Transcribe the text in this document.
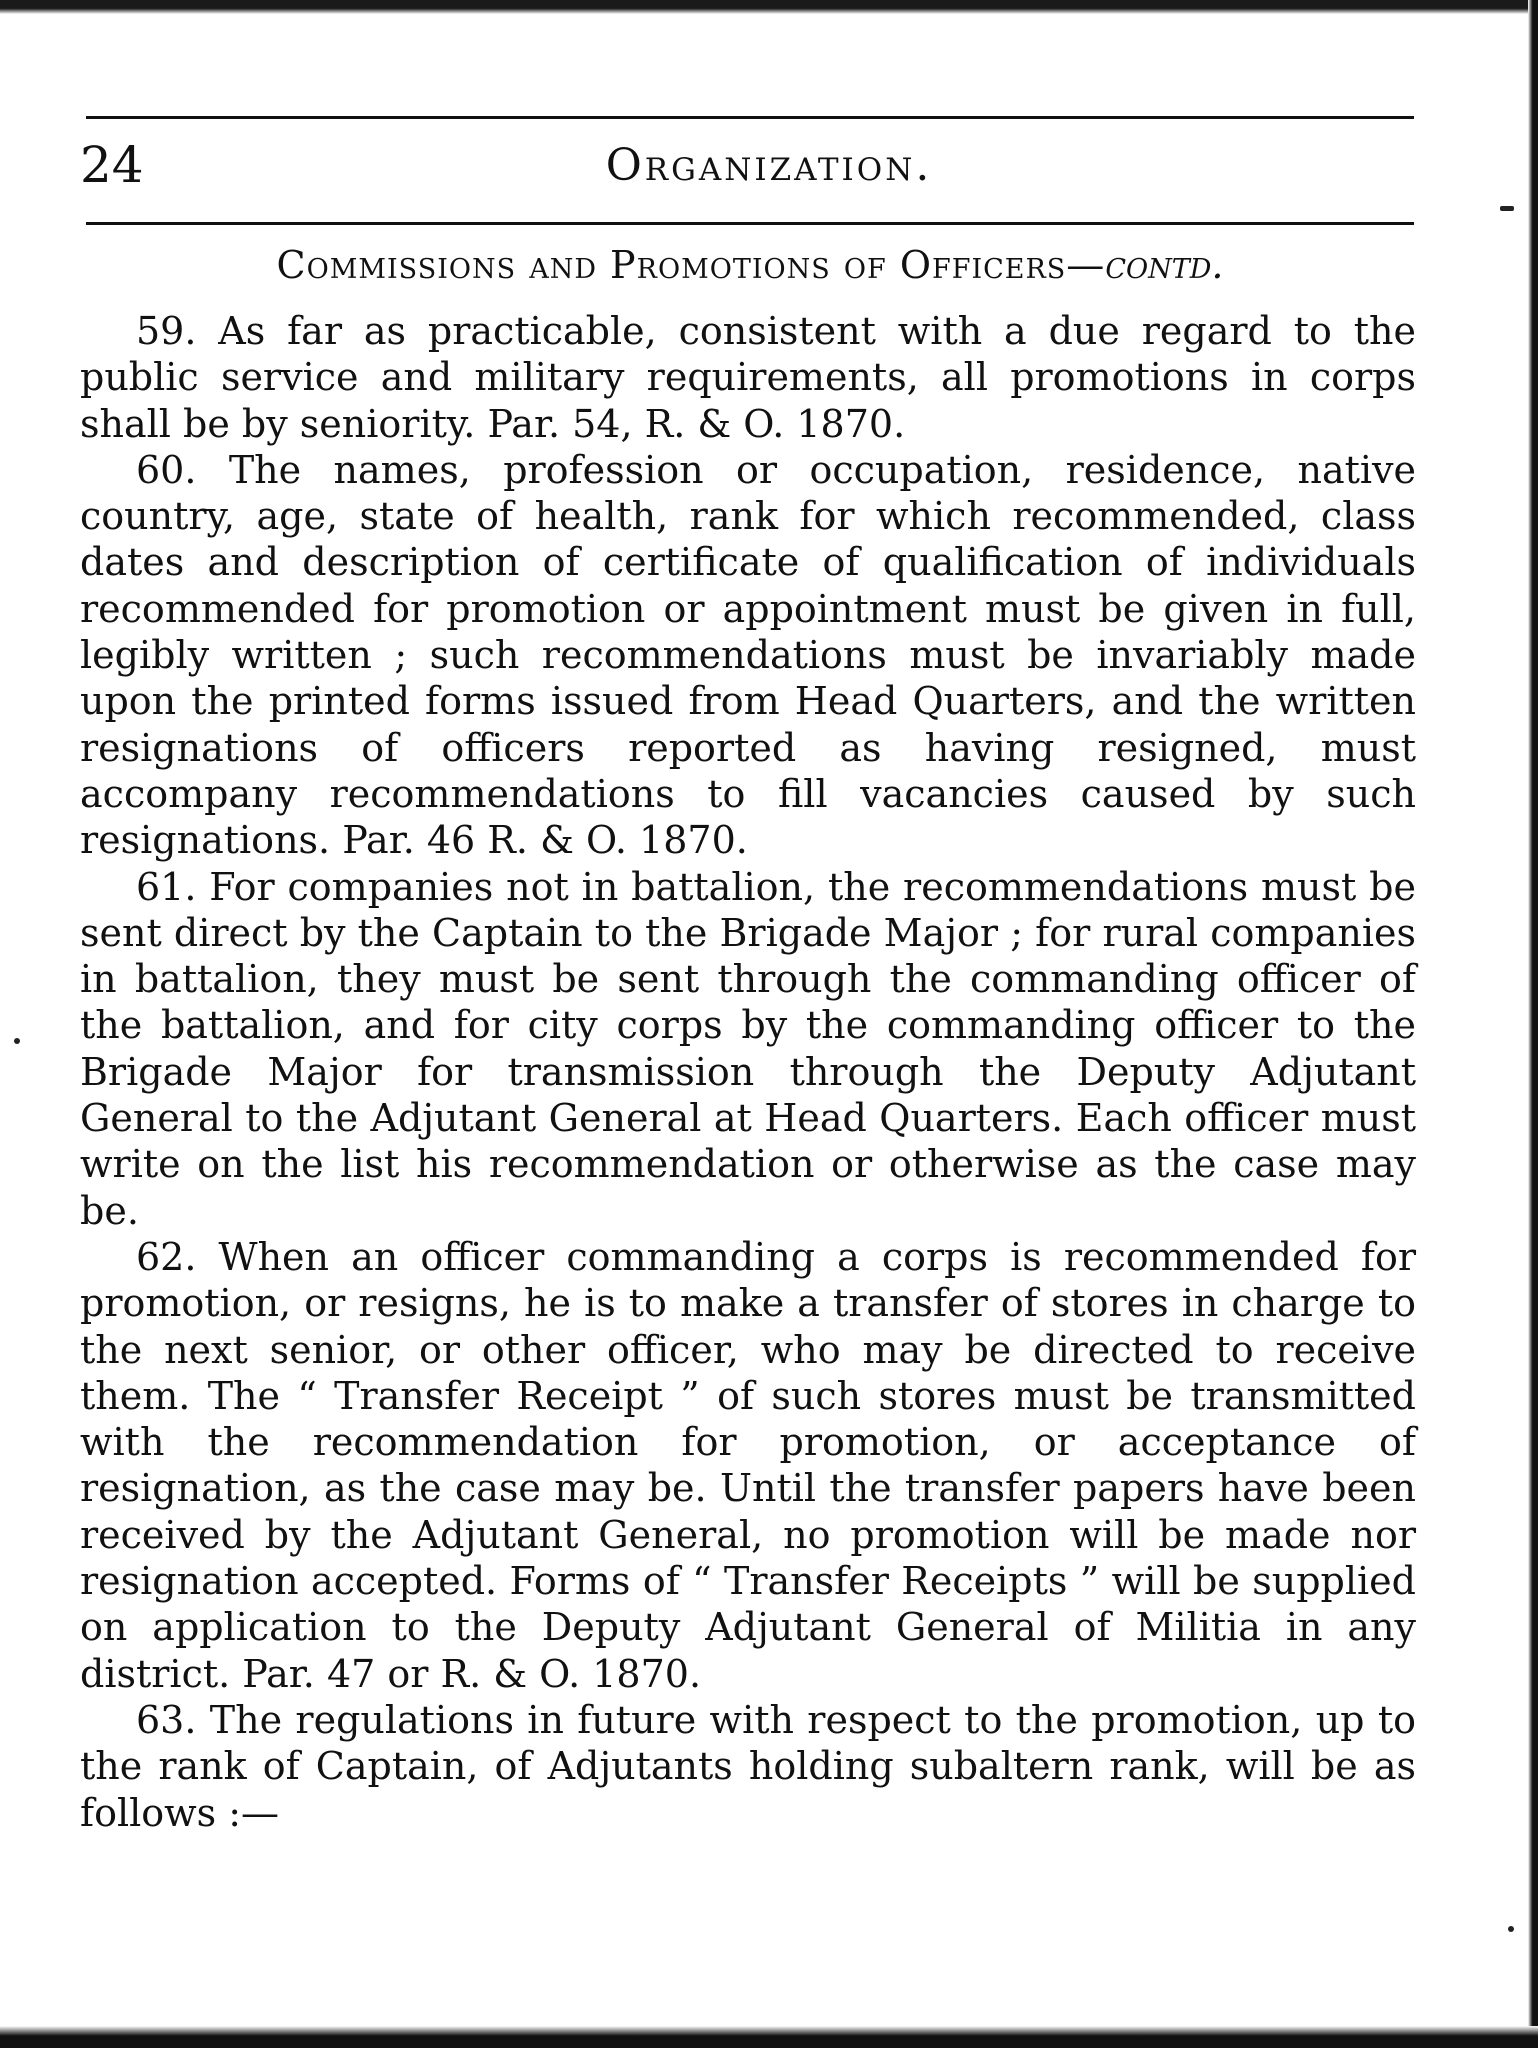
24	Organization.
Commissions and Promotions of Officers—contd.

59. As far as practicable, consistent with a due regard to the public service and military requirements, all promotions in corps shall be by seniority. Par. 54, R. & O. 1870.

60. The names, profession or occupation, residence, native country, age, state of health, rank for which recommended, class dates and description of certificate of qualification of individuals recommended for promotion or appointment must be given in full, legibly written ; such recommendations must be invariably made upon the printed forms issued from Head Quarters, and the written resignations of officers reported as having resigned, must accompany recommendations to fill vacancies caused by such resignations. Par. 46 R. & O. 1870.

61. For companies not in battalion, the recommendations must be sent direct by the Captain to the Brigade Major ; for rural companies in battalion, they must be sent through the commanding officer of the battalion, and for city corps by the commanding officer to the Brigade Major for transmission through the Deputy Adjutant General to the Adjutant General at Head Quarters. Each officer must write on the list his recommendation or otherwise as the case may be.

62. When an officer commanding a corps is recommended for promotion, or resigns, he is to make a transfer of stores in charge to the next senior, or other officer, who may be directed to receive them. The “ Transfer Receipt ” of such stores must be transmitted with the recommendation for promotion, or acceptance of resignation, as the case may be. Until the transfer papers have been received by the Adjutant General, no promotion will be made nor resignation accepted. Forms of “ Transfer Receipts ” will be supplied on application to the Deputy Adjutant General of Militia in any district. Par. 47 or R. & O. 1870.

63. The regulations in future with respect to the promotion, up to the rank of Captain, of Adjutants holding subaltern rank, will be as follows :—
